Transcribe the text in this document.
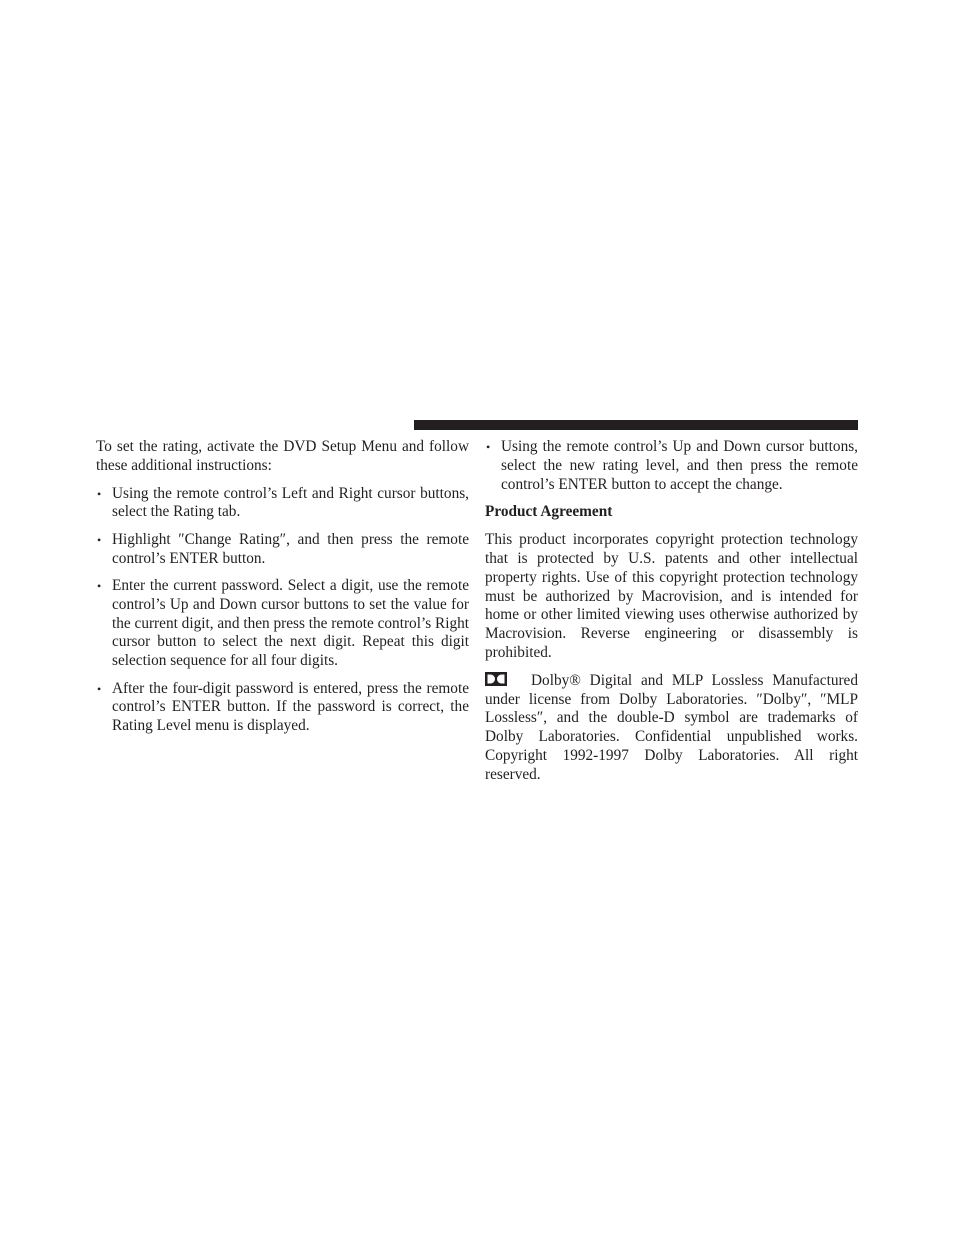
To set the rating, activate the DVD Setup Menu and follow these additional instructions:

• Using the remote control’s Left and Right cursor buttons, select the Rating tab.
• Highlight ″Change Rating″, and then press the remote control’s ENTER button.
• Enter the current password. Select a digit, use the remote control’s Up and Down cursor buttons to set the value for the current digit, and then press the remote control’s Right cursor button to select the next digit. Repeat this digit selection sequence for all four digits.
• After the four-digit password is entered, press the remote control’s ENTER button. If the password is correct, the Rating Level menu is displayed.
• Using the remote control’s Up and Down cursor buttons, select the new rating level, and then press the remote control’s ENTER button to accept the change.

Product Agreement

This product incorporates copyright protection technology that is protected by U.S. patents and other intellectual property rights. Use of this copyright protection technology must be authorized by Macrovision, and is intended for home or other limited viewing uses otherwise authorized by Macrovision. Reverse engineering or disassembly is prohibited.

Dolby® Digital and MLP Lossless Manufactured under license from Dolby Laboratories. ″Dolby″, ″MLP Lossless″, and the double-D symbol are trademarks of Dolby Laboratories. Confidential unpublished works. Copyright 1992-1997 Dolby Laboratories. All right reserved.
